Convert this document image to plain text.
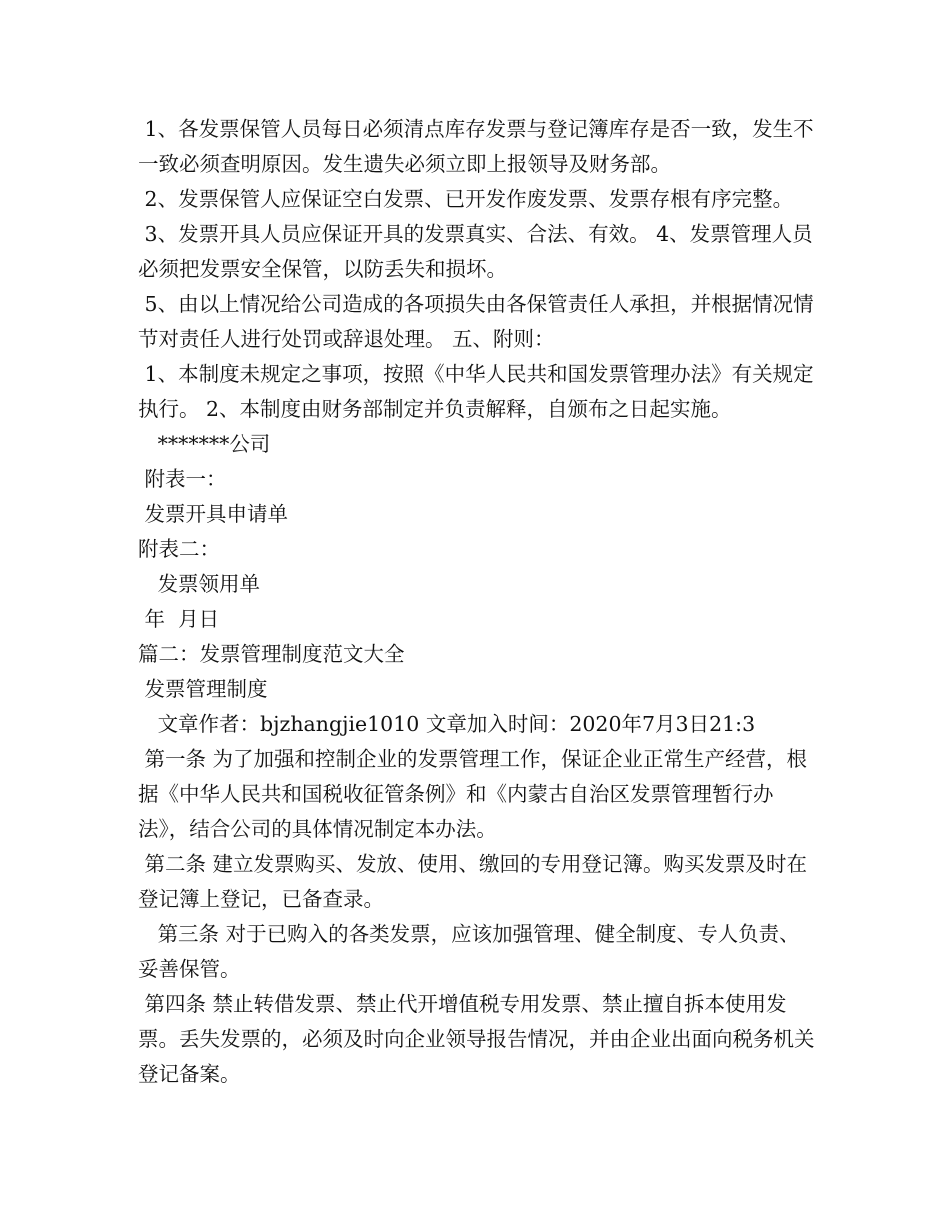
1、各发票保管人员每日必须清点库存发票与登记簿库存是否一致，发生不一致必须查明原因。发生遗失必须立即上报领导及财务部。

2、发票保管人应保证空白发票、已开发作废发票、发票存根有序完整。

3、发票开具人员应保证开具的发票真实、合法、有效。 4、发票管理人员必须把发票安全保管，以防丢失和损坏。

5、由以上情况给公司造成的各项损失由各保管责任人承担，并根据情况情节对责任人进行处罚或辞退处理。 五、附则：

1、本制度未规定之事项，按照《中华人民共和国发票管理办法》有关规定执行。 2、本制度由财务部制定并负责解释，自颁布之日起实施。

*******公司

附表一：

发票开具申请单

附表二：

发票领用单

年  月日

篇二：发票管理制度范文大全

发票管理制度

文章作者：bjzhangjie1010 文章加入时间：2020年7月3日21:3

第一条 为了加强和控制企业的发票管理工作，保证企业正常生产经营，根据《中华人民共和国税收征管条例》和《内蒙古自治区发票管理暂行办法》，结合公司的具体情况制定本办法。

第二条 建立发票购买、发放、使用、缴回的专用登记簿。购买发票及时在登记簿上登记，已备查录。

第三条 对于已购入的各类发票，应该加强管理、健全制度、专人负责、妥善保管。

第四条 禁止转借发票、禁止代开增值税专用发票、禁止擅自拆本使用发票。丢失发票的，必须及时向企业领导报告情况，并由企业出面向税务机关登记备案。
